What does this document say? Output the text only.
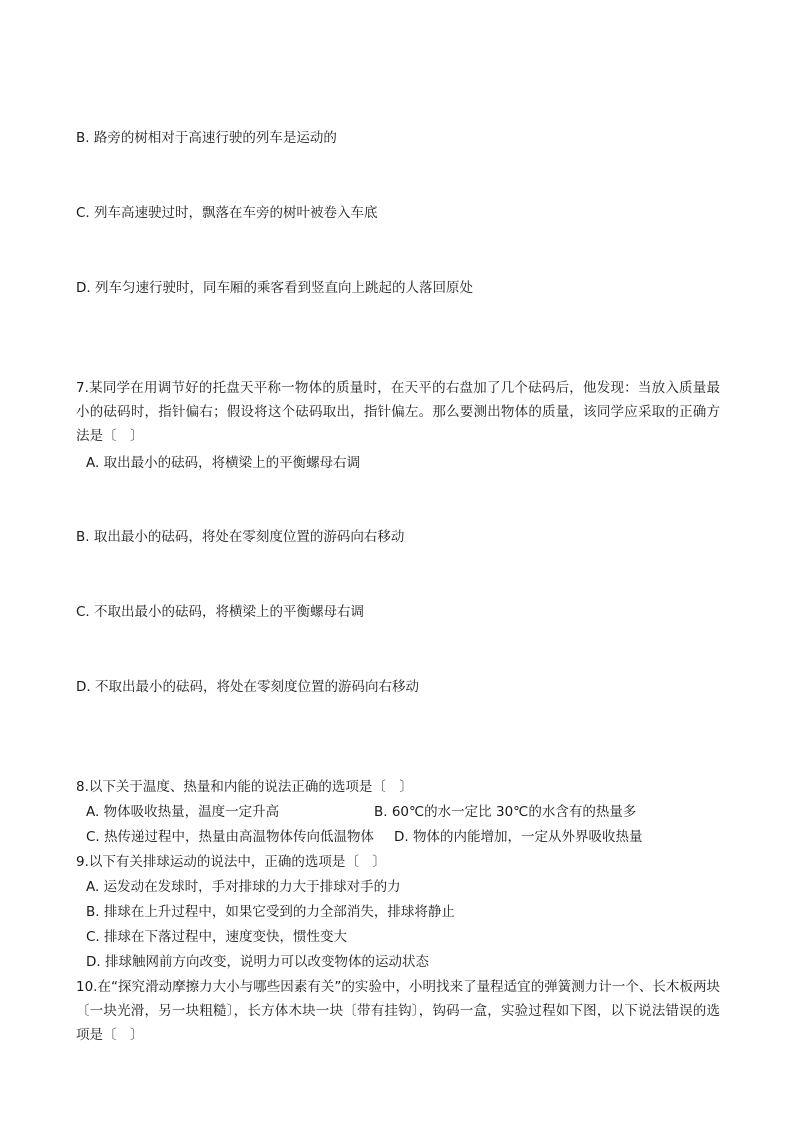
B. 路旁的树相对于高速行驶的列车是运动的
C. 列车高速驶过时，飘落在车旁的树叶被卷入车底
D. 列车匀速行驶时，同车厢的乘客看到竖直向上跳起的人落回原处
7.某同学在用调节好的托盘天平称一物体的质量时，在天平的右盘加了几个砝码后，他发现：当放入质量最小的砝码时，指针偏右；假设将这个砝码取出，指针偏左。那么要测出物体的质量，该同学应采取的正确方法是〔　〕
A. 取出最小的砝码，将横梁上的平衡螺母右调
B. 取出最小的砝码，将处在零刻度位置的游码向右移动
C. 不取出最小的砝码，将横梁上的平衡螺母右调
D. 不取出最小的砝码，将处在零刻度位置的游码向右移动
8.以下关于温度、热量和内能的说法正确的选项是〔　〕
A. 物体吸收热量，温度一定升高	B. 60℃的水一定比 30℃的水含有的热量多
C. 热传递过程中，热量由高温物体传向低温物体 D. 物体的内能增加，一定从外界吸收热量
9.以下有关排球运动的说法中，正确的选项是〔　〕
A. 运发动在发球时，手对排球的力大于排球对手的力
B. 排球在上升过程中，如果它受到的力全部消失，排球将静止
C. 排球在下落过程中，速度变快，惯性变大
D. 排球触网前方向改变，说明力可以改变物体的运动状态
10.在“探究滑动摩擦力大小与哪些因素有关”的实验中，小明找来了量程适宜的弹簧测力计一个、长木板两块〔一块光滑，另一块粗糙〕，长方体木块一块〔带有挂钩〕，钩码一盒，实验过程如下图，以下说法错误的选项是〔　〕
